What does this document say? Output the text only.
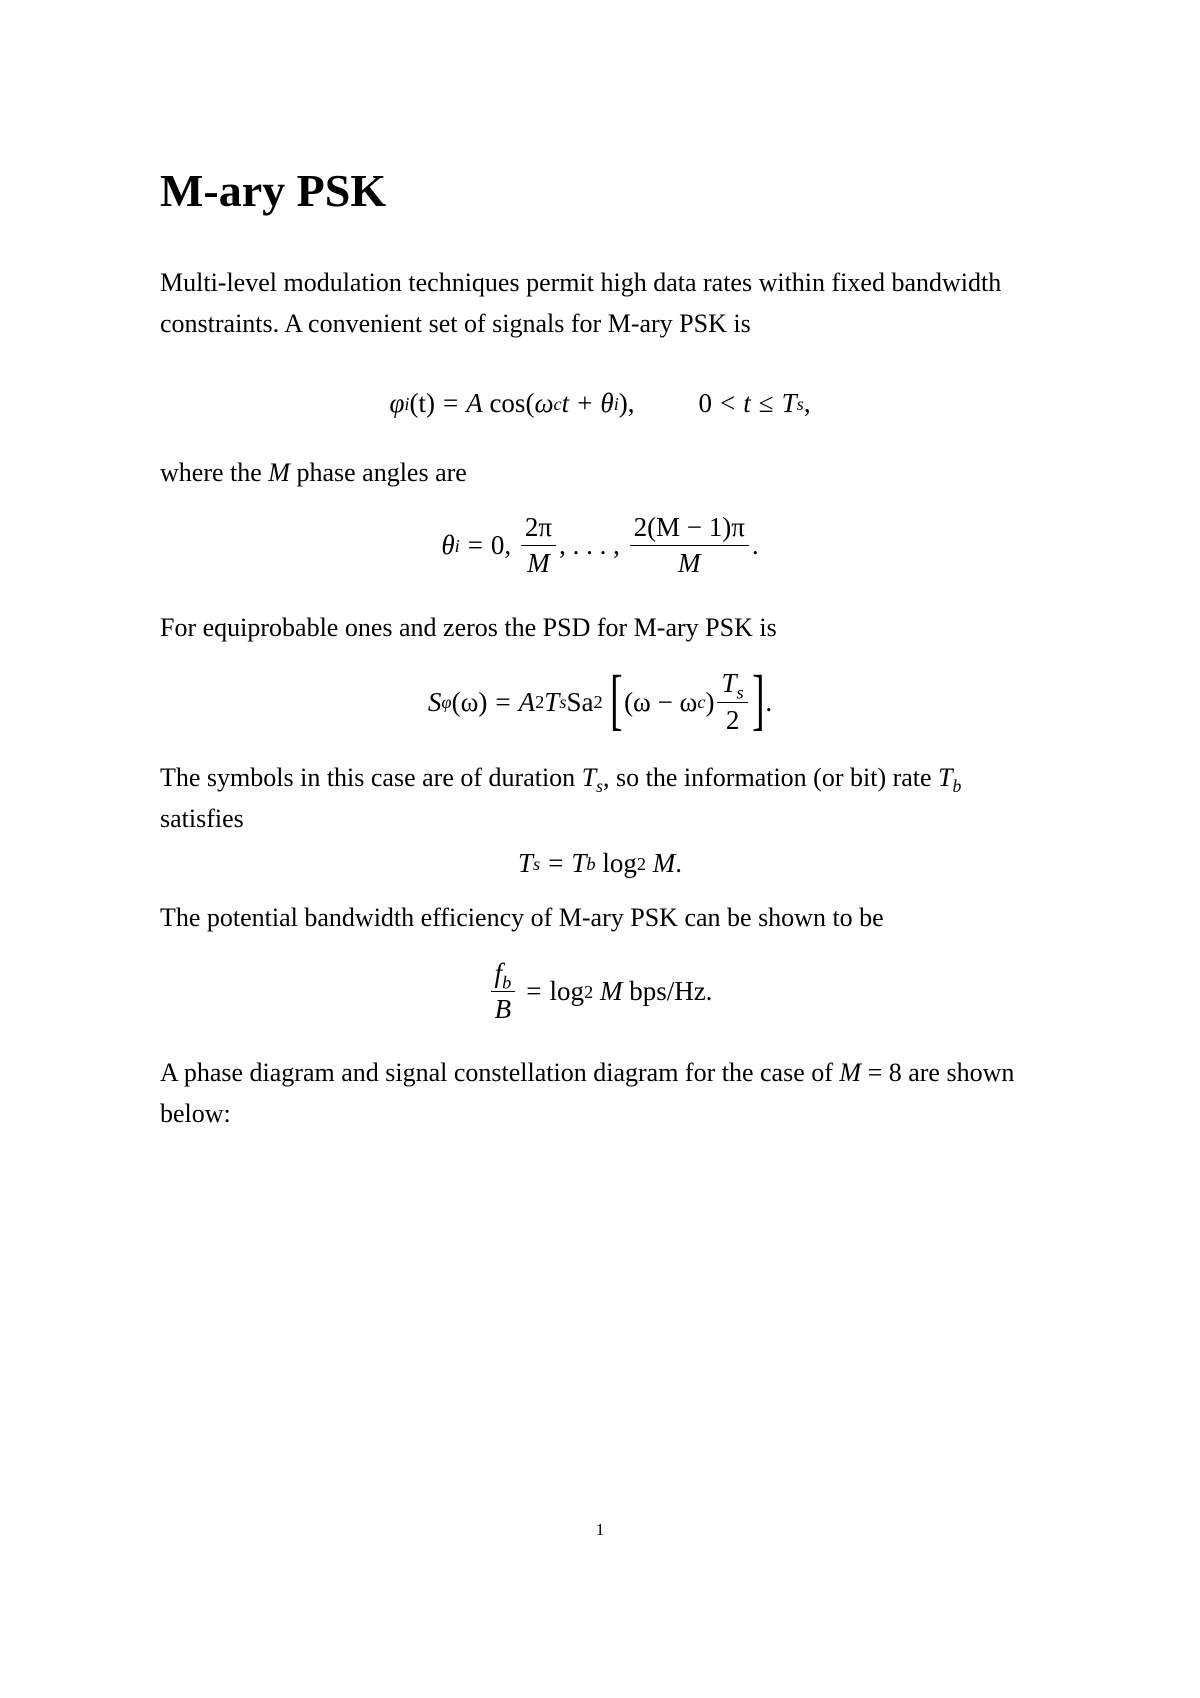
M-ary PSK

Multi-level modulation techniques permit high data rates within fixed bandwidth constraints. A convenient set of signals for M-ary PSK is

φ i (t) = A
cos( ω c t + θ i ), 0 < t ≤ T s ,

where the M phase angles are

θ i = 0,
$\frac{2\pi}{M}$ , . . . ,
$\frac{2(M - 1)\pi}{M}$ .

For equiprobable ones and zeros the PSD for M-ary PSK is

S φ (ω) = A 2 T s Sa 2
[ (ω − ω c ) $\frac{T_s}{2}$ ] .

The symbols in this case are of duration $T_s$, so the information (or bit) rate $T_b$
satisfies

T s = T b
log 2
M .

The potential bandwidth efficiency of M-ary PSK can be shown to be

$\frac{f_b}{B} = \log 2$
M
bps/Hz.

A phase diagram and signal constellation diagram for the case of M = 8 are shown below:

1
